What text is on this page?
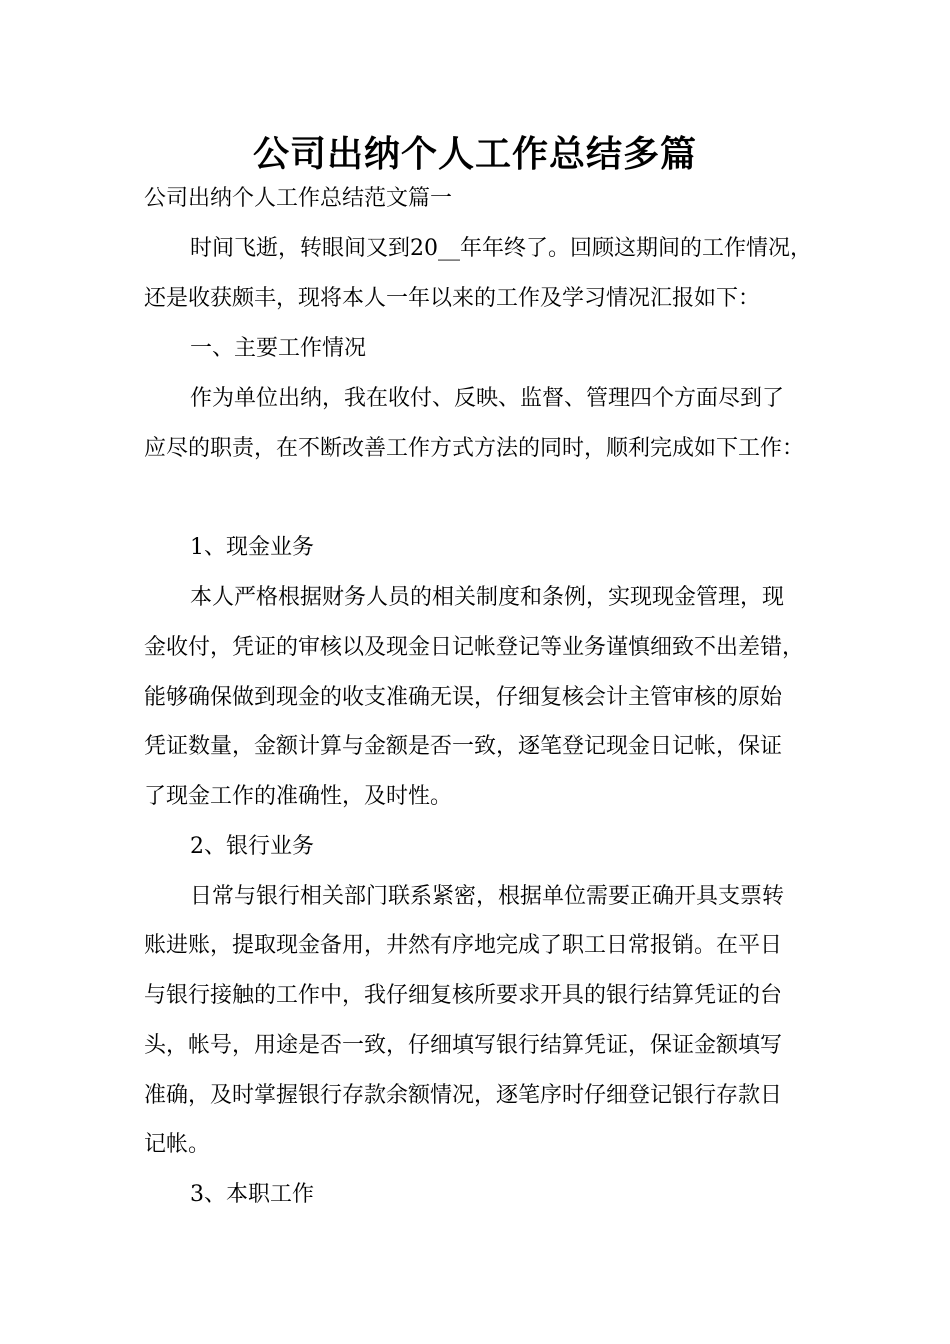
公司出纳个人工作总结多篇
公司出纳个人工作总结范文篇一
时间飞逝，转眼间又到20__年年终了。回顾这期间的工作情况，
还是收获颇丰，现将本人一年以来的工作及学习情况汇报如下：
一、主要工作情况
作为单位出纳，我在收付、反映、监督、管理四个方面尽到了
应尽的职责，在不断改善工作方式方法的同时，顺利完成如下工作：
1、现金业务
本人严格根据财务人员的相关制度和条例，实现现金管理，现
金收付，凭证的审核以及现金日记帐登记等业务谨慎细致不出差错，
能够确保做到现金的收支准确无误，仔细复核会计主管审核的原始
凭证数量，金额计算与金额是否一致，逐笔登记现金日记帐，保证
了现金工作的准确性，及时性。
2、银行业务
日常与银行相关部门联系紧密，根据单位需要正确开具支票转
账进账，提取现金备用，井然有序地完成了职工日常报销。在平日
与银行接触的工作中，我仔细复核所要求开具的银行结算凭证的台
头，帐号，用途是否一致，仔细填写银行结算凭证，保证金额填写
准确，及时掌握银行存款余额情况，逐笔序时仔细登记银行存款日
记帐。
3、本职工作
